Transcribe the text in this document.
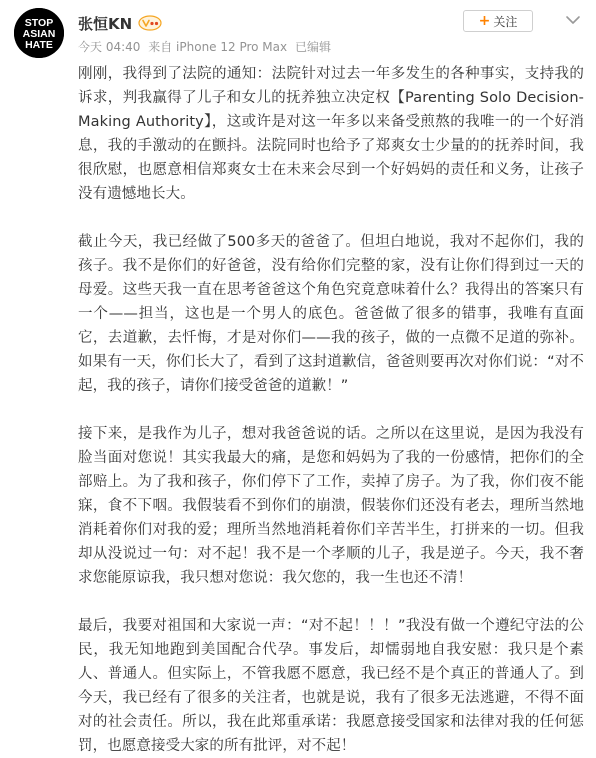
STOP
ASIAN
HATE
张恒KN
今天 04:40 来自 iPhone 12 Pro Max 已编辑
+ 关注

刚刚，我得到了法院的通知：法院针对过去一年多发生的各种事实，支持我的诉求，判我赢得了儿子和女儿的抚养独立决定权【Parenting Solo Decision-Making Authority】，这或许是对这一年多以来备受煎熬的我唯一的一个好消息，我的手激动的在颤抖。法院同时也给予了郑爽女士少量的的抚养时间，我很欣慰，也愿意相信郑爽女士在未来会尽到一个好妈妈的责任和义务，让孩子没有遗憾地长大。

截止今天，我已经做了500多天的爸爸了。但坦白地说，我对不起你们，我的孩子。我不是你们的好爸爸，没有给你们完整的家，没有让你们得到过一天的母爱。这些天我一直在思考爸爸这个角色究竟意味着什么？我得出的答案只有一个——担当，这也是一个男人的底色。爸爸做了很多的错事，我唯有直面它，去道歉，去忏悔，才是对你们——我的孩子，做的一点微不足道的弥补。如果有一天，你们长大了，看到了这封道歉信，爸爸则要再次对你们说：“对不起，我的孩子，请你们接受爸爸的道歉！”

接下来，是我作为儿子，想对我爸爸说的话。之所以在这里说，是因为我没有脸当面对您说！其实我最大的痛，是您和妈妈为了我的一份感情，把你们的全部赔上。为了我和孩子，你们停下了工作，卖掉了房子。为了我，你们夜不能寐，食不下咽。我假装看不到你们的崩溃，假装你们还没有老去，理所当然地消耗着你们对我的爱；理所当然地消耗着你们辛苦半生，打拼来的一切。但我却从没说过一句：对不起！我不是一个孝顺的儿子，我是逆子。今天，我不奢求您能原谅我，我只想对您说：我欠您的，我一生也还不清！

最后，我要对祖国和大家说一声：“对不起！！！”我没有做一个遵纪守法的公民，我无知地跑到美国配合代孕。事发后，却懦弱地自我安慰：我只是个素人、普通人。但实际上，不管我愿不愿意，我已经不是个真正的普通人了。到今天，我已经有了很多的关注者，也就是说，我有了很多无法逃避，不得不面对的社会责任。所以，我在此郑重承诺：我愿意接受国家和法律对我的任何惩罚，也愿意接受大家的所有批评，对不起！
